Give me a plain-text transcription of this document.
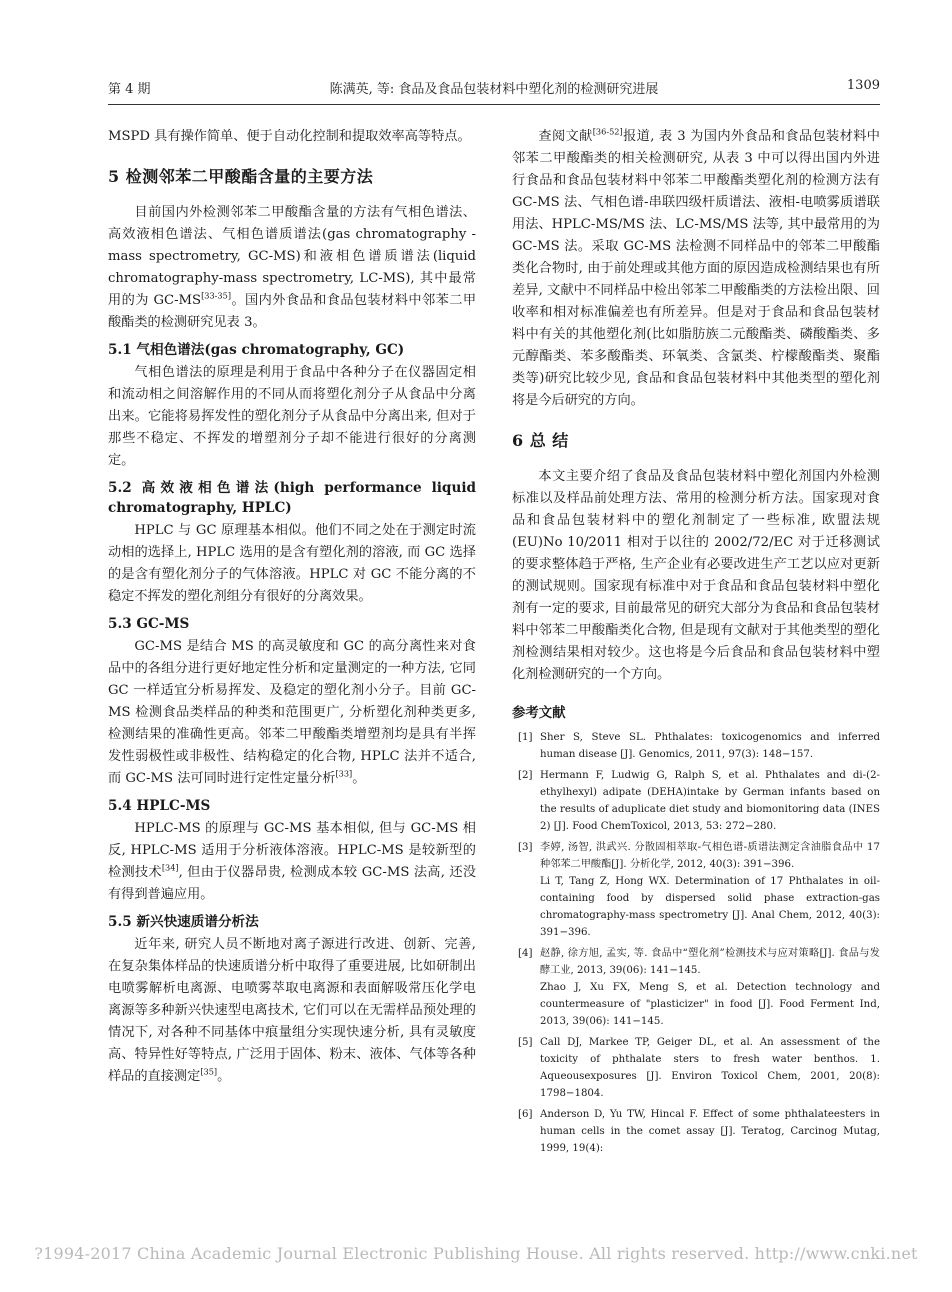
第 4 期	陈满英, 等: 食品及食品包装材料中塑化剂的检测研究进展	1309

MSPD 具有操作简单、便于自动化控制和提取效率高等特点。

5 检测邻苯二甲酸酯含量的主要方法

目前国内外检测邻苯二甲酸酯含量的方法有气相色谱法、高效液相色谱法、气相色谱质谱法(gas chromatography -mass spectrometry, GC-MS)和液相色谱质谱法(liquid chromatography-mass spectrometry, LC-MS), 其中最常用的为 GC-MS[33-35]。国内外食品和食品包装材料中邻苯二甲酸酯类的检测研究见表 3。

5.1 气相色谱法(gas chromatography, GC)

气相色谱法的原理是利用于食品中各种分子在仪器固定相和流动相之间溶解作用的不同从而将塑化剂分子从食品中分离出来。它能将易挥发性的塑化剂分子从食品中分离出来, 但对于那些不稳定、不挥发的增塑剂分子却不能进行很好的分离测定。

5.2 高效液相色谱法(high performance liquid chromatography, HPLC)

HPLC 与 GC 原理基本相似。他们不同之处在于测定时流动相的选择上, HPLC 选用的是含有塑化剂的溶液, 而 GC 选择的是含有塑化剂分子的气体溶液。HPLC 对 GC 不能分离的不稳定不挥发的塑化剂组分有很好的分离效果。

5.3 GC-MS

GC-MS 是结合 MS 的高灵敏度和 GC 的高分离性来对食品中的各组分进行更好地定性分析和定量测定的一种方法, 它同 GC 一样适宜分析易挥发、及稳定的塑化剂小分子。目前 GC-MS 检测食品类样品的种类和范围更广, 分析塑化剂种类更多, 检测结果的准确性更高。邻苯二甲酸酯类增塑剂均是具有半挥发性弱极性或非极性、结构稳定的化合物, HPLC 法并不适合, 而 GC-MS 法可同时进行定性定量分析[33]。

5.4 HPLC-MS

HPLC-MS 的原理与 GC-MS 基本相似, 但与 GC-MS 相反, HPLC-MS 适用于分析液体溶液。HPLC-MS 是较新型的检测技术[34], 但由于仪器昂贵, 检测成本较 GC-MS 法高, 还没有得到普遍应用。

5.5 新兴快速质谱分析法

近年来, 研究人员不断地对离子源进行改进、创新、完善, 在复杂集体样品的快速质谱分析中取得了重要进展, 比如研制出电喷雾解析电离源、电喷雾萃取电离源和表面解吸常压化学电离源等多种新兴快速型电离技术, 它们可以在无需样品预处理的情况下, 对各种不同基体中痕量组分实现快速分析, 具有灵敏度高、特异性好等特点, 广泛用于固体、粉末、液体、气体等各种样品的直接测定[35]。

查阅文献[36-52]报道, 表 3 为国内外食品和食品包装材料中邻苯二甲酸酯类的相关检测研究, 从表 3 中可以得出国内外进行食品和食品包装材料中邻苯二甲酸酯类塑化剂的检测方法有 GC-MS 法、气相色谱-串联四级杆质谱法、液相-电喷雾质谱联用法、HPLC-MS/MS 法、LC-MS/MS 法等, 其中最常用的为 GC-MS 法。采取 GC-MS 法检测不同样品中的邻苯二甲酸酯类化合物时, 由于前处理或其他方面的原因造成检测结果也有所差异, 文献中不同样品中检出邻苯二甲酸酯类的方法检出限、回收率和相对标准偏差也有所差异。但是对于食品和食品包装材料中有关的其他塑化剂(比如脂肪族二元酸酯类、磷酸酯类、多元醇酯类、苯多酸酯类、环氧类、含氯类、柠檬酸酯类、聚酯类等)研究比较少见, 食品和食品包装材料中其他类型的塑化剂将是今后研究的方向。

6 总 结

本文主要介绍了食品及食品包装材料中塑化剂国内外检测标准以及样品前处理方法、常用的检测分析方法。国家现对食品和食品包装材料中的塑化剂制定了一些标准, 欧盟法规(EU)No 10/2011 相对于以往的 2002/72/EC 对于迁移测试的要求整体趋于严格, 生产企业有必要改进生产工艺以应对更新的测试规则。国家现有标准中对于食品和食品包装材料中塑化剂有一定的要求, 目前最常见的研究大部分为食品和食品包装材料中邻苯二甲酸酯类化合物, 但是现有文献对于其他类型的塑化剂检测结果相对较少。这也将是今后食品和食品包装材料中塑化剂检测研究的一个方向。

参考文献
[1] Sher S, Steve SL. Phthalates: toxicogenomics and inferred human disease [J]. Genomics, 2011, 97(3): 148−157.
[2] Hermann F, Ludwig G, Ralph S, et al. Phthalates and di-(2-ethylhexyl) adipate (DEHA)intake by German infants based on the results of aduplicate diet study and biomonitoring data (INES 2) [J]. Food ChemToxicol, 2013, 53: 272−280.
[3] 李婷, 汤智, 洪武兴. 分散固相萃取-气相色谱-质谱法测定含油脂食品中 17 种邻苯二甲酸酯[J]. 分析化学, 2012, 40(3): 391−396.
Li T, Tang Z, Hong WX. Determination of 17 Phthalates in oil-containing food by dispersed solid phase extraction-gas chromatography-mass spectrometry [J]. Anal Chem, 2012, 40(3): 391−396.
[4] 赵静, 徐方旭, 孟实, 等. 食品中“塑化剂”检测技术与应对策略[J]. 食品与发酵工业, 2013, 39(06): 141−145.
Zhao J, Xu FX, Meng S, et al. Detection technology and countermeasure of "plasticizer" in food [J]. Food Ferment Ind, 2013, 39(06): 141−145.
[5] Call DJ, Markee TP, Geiger DL, et al. An assessment of the toxicity of phthalate sters to fresh water benthos. 1. Aqueousexposures [J]. Environ Toxicol Chem, 2001, 20(8): 1798−1804.
[6] Anderson D, Yu TW, Hincal F. Effect of some phthalateesters in human cells in the comet assay [J]. Teratog, Carcinog Mutag, 1999, 19(4):
?1994-2017 China Academic Journal Electronic Publishing House. All rights reserved. http://www.cnki.net
